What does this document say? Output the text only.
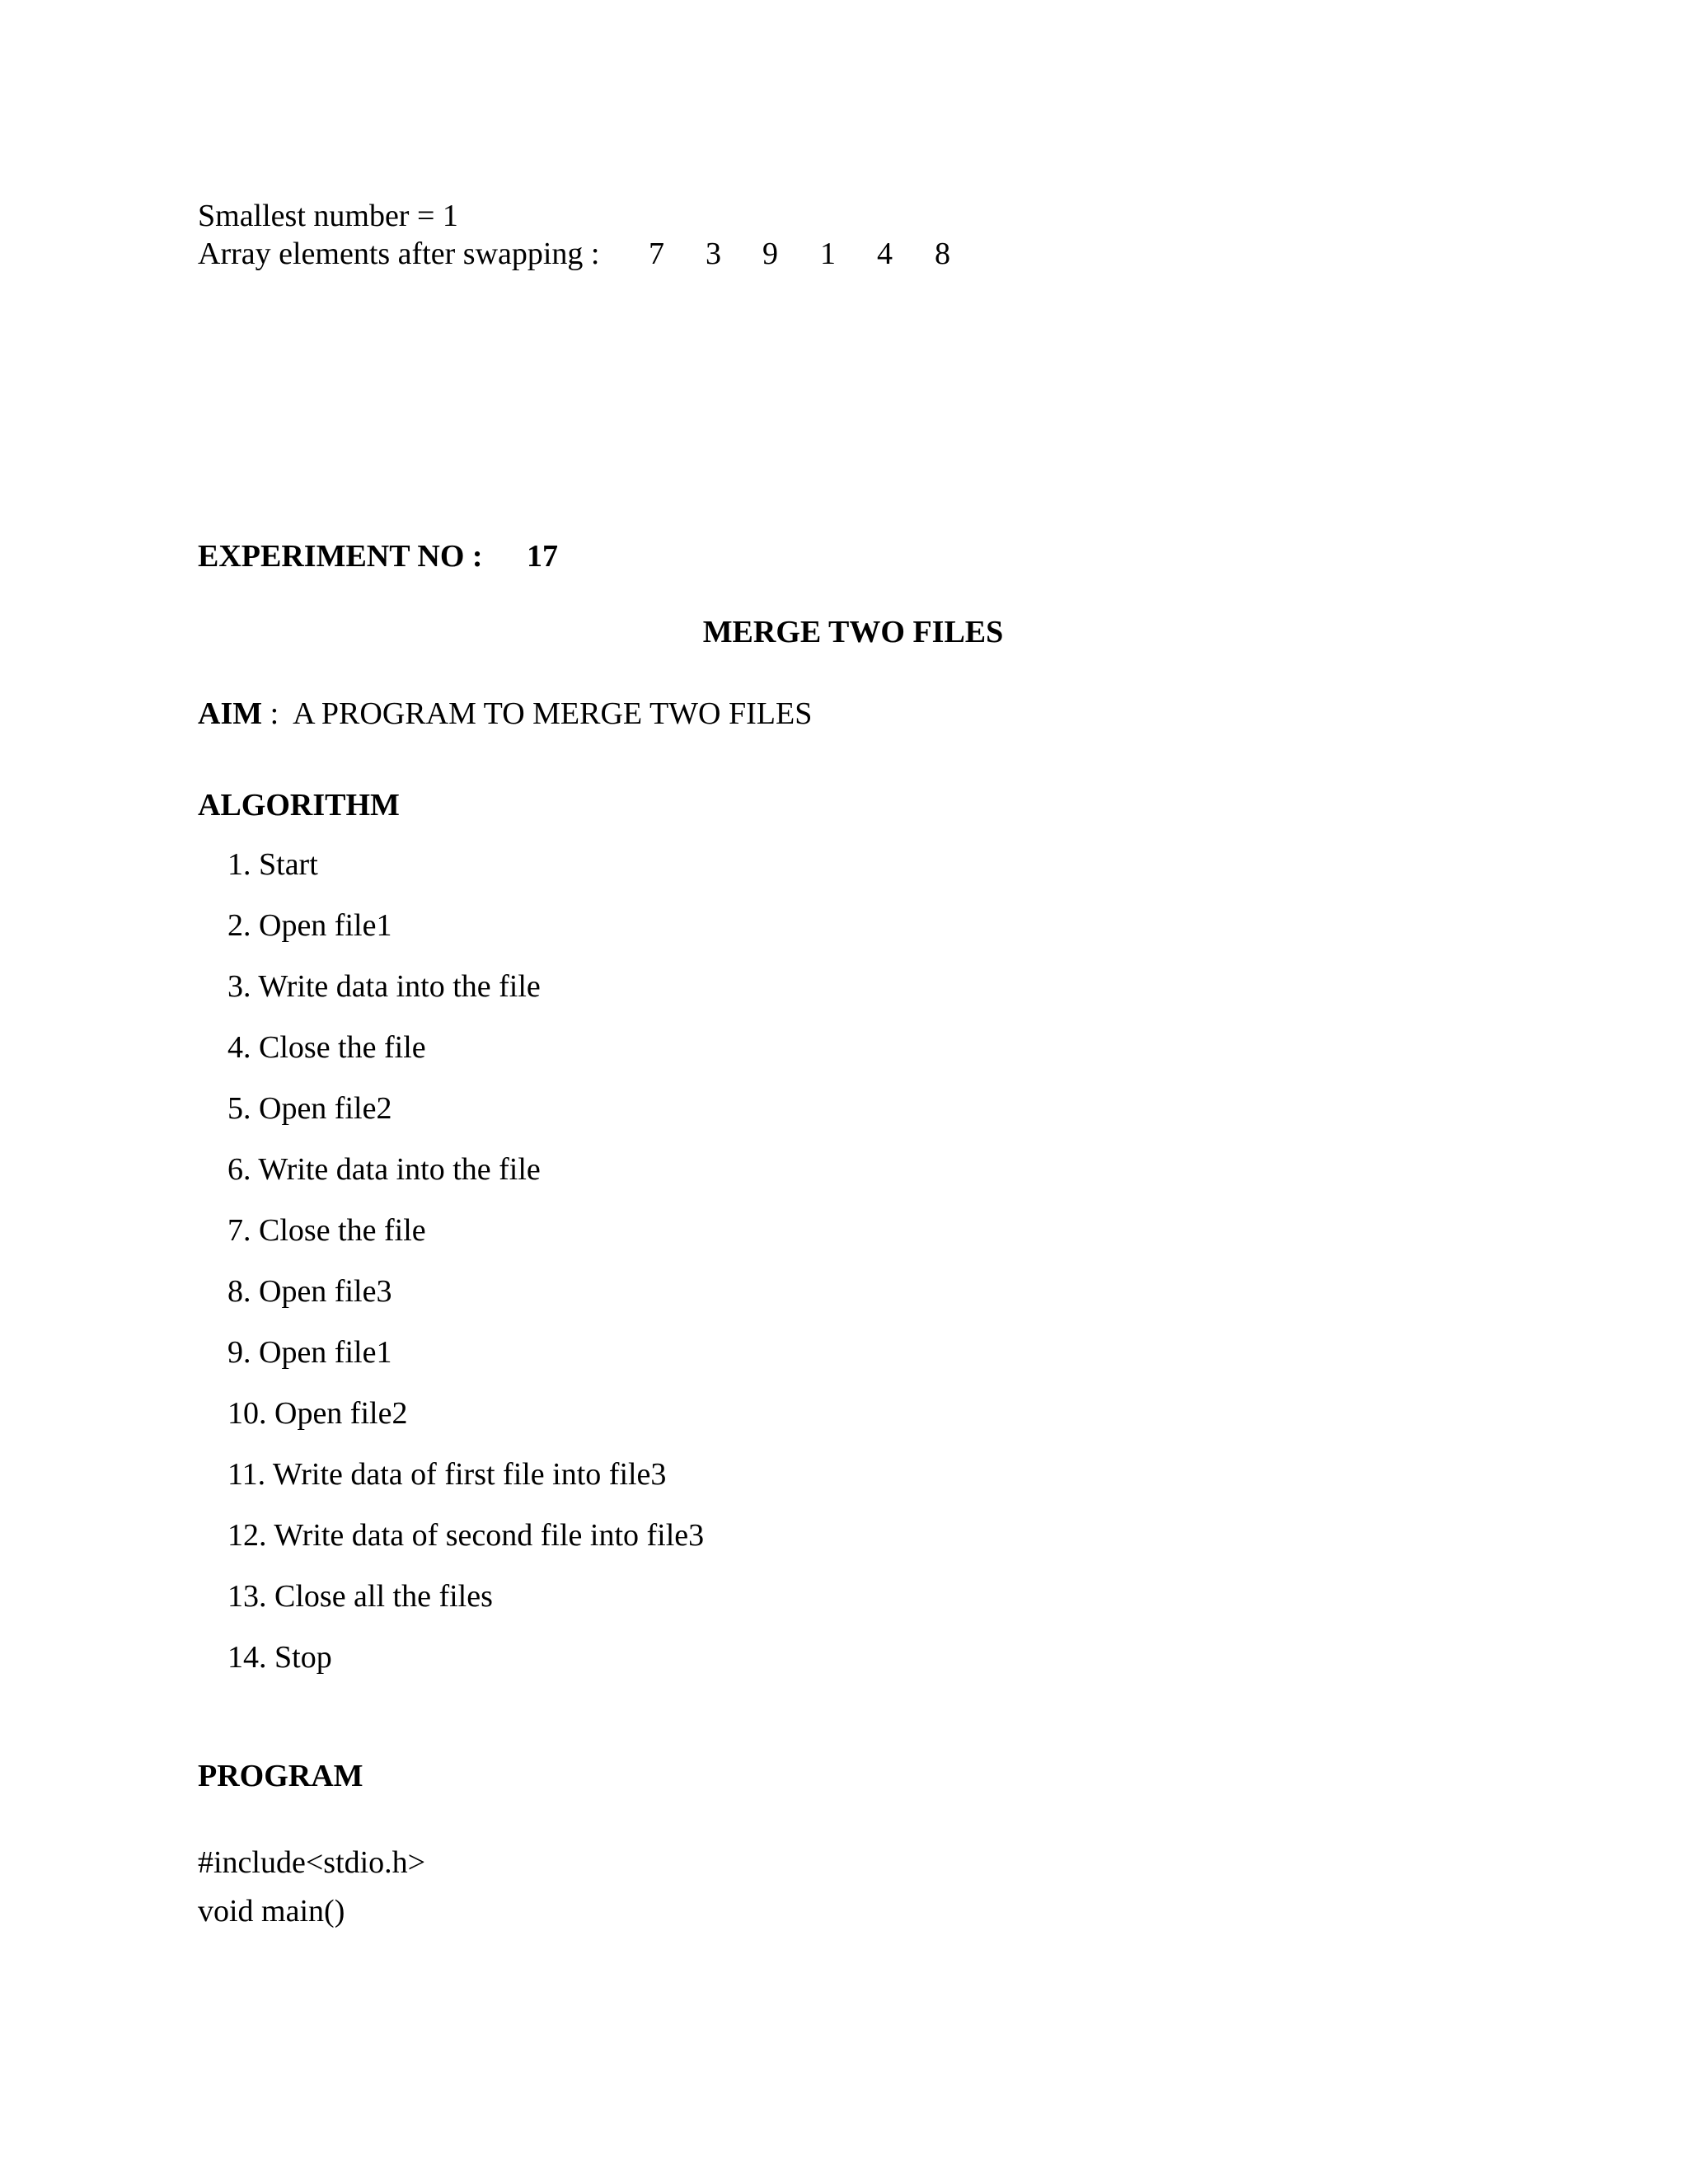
Smallest number = 1
Array elements after swapping : 7 3 9 1 4 8
EXPERIMENT NO : 17
MERGE TWO FILES
AIM :  A PROGRAM TO MERGE TWO FILES
ALGORITHM
1. Start
2. Open file1
3. Write data into the file
4. Close the file
5. Open file2
6. Write data into the file
7. Close the file
8. Open file3
9. Open file1
10. Open file2
11. Write data of first file into file3
12. Write data of second file into file3
13. Close all the files
14. Stop
PROGRAM
#include<stdio.h>
void main()
